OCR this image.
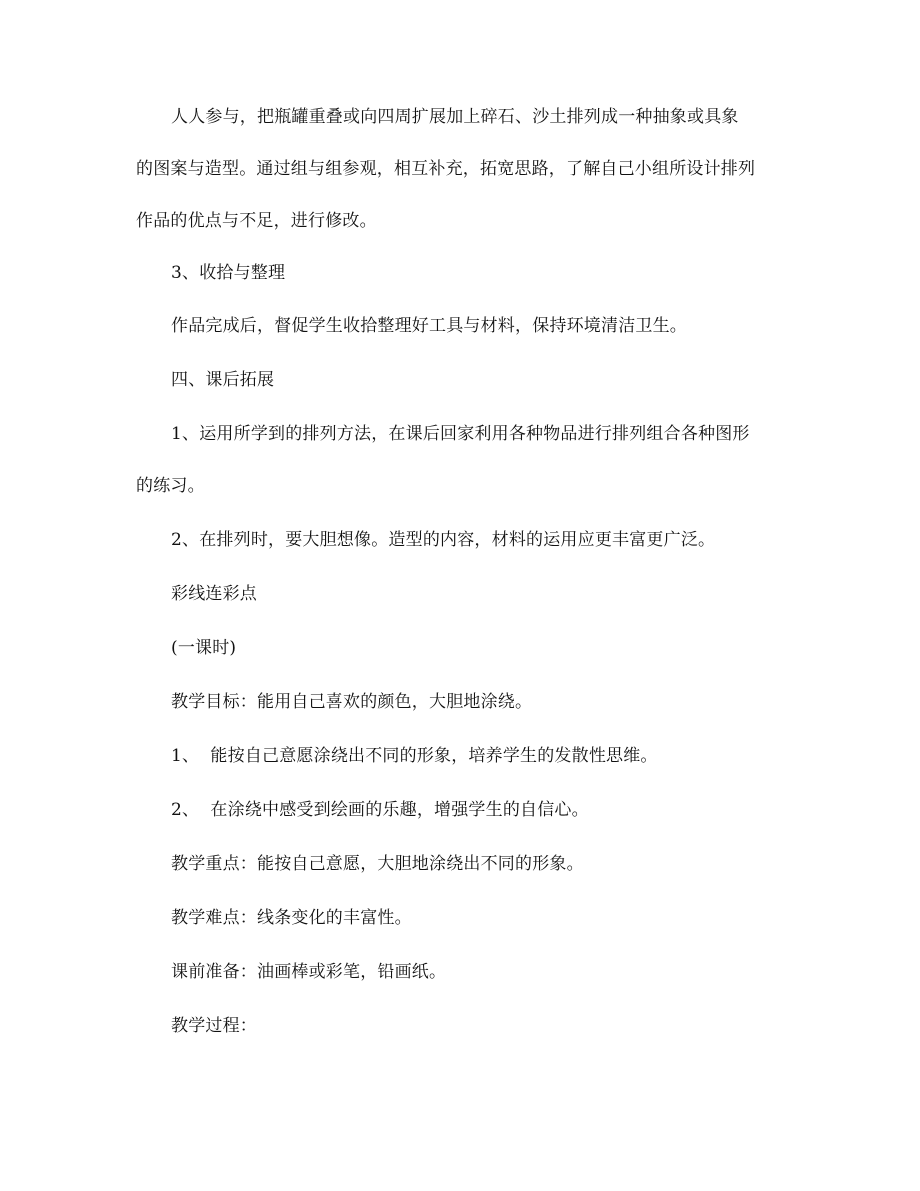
人人参与，把瓶罐重叠或向四周扩展加上碎石、沙土排列成一种抽象或具象
的图案与造型。通过组与组参观，相互补充，拓宽思路，了解自己小组所设计排列
作品的优点与不足，进行修改。
3、收拾与整理
作品完成后，督促学生收拾整理好工具与材料，保持环境清洁卫生。
四、课后拓展
1、运用所学到的排列方法，在课后回家利用各种物品进行排列组合各种图形
的练习。
2、在排列时，要大胆想像。造型的内容，材料的运用应更丰富更广泛。
彩线连彩点
(一课时)
教学目标：能用自己喜欢的颜色，大胆地涂绕。
1、  能按自己意愿涂绕出不同的形象，培养学生的发散性思维。
2、  在涂绕中感受到绘画的乐趣，增强学生的自信心。
教学重点：能按自己意愿，大胆地涂绕出不同的形象。
教学难点：线条变化的丰富性。
课前准备：油画棒或彩笔，铅画纸。
教学过程：
